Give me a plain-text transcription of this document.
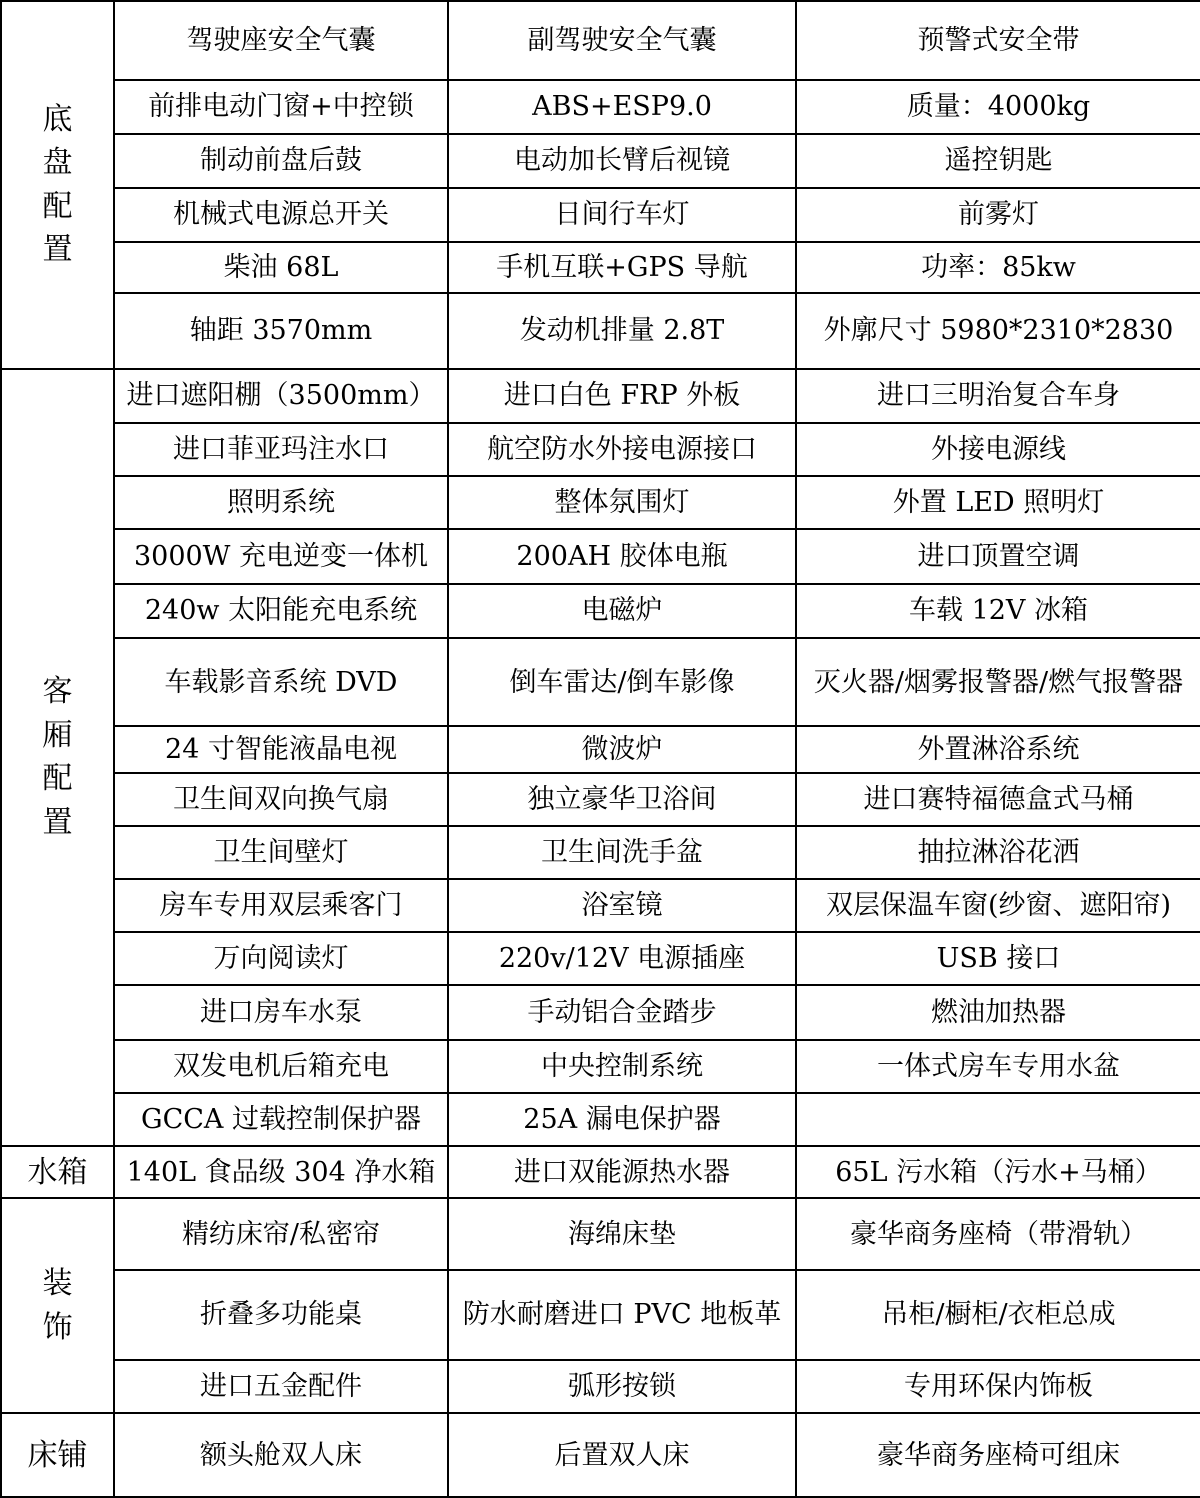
底盘配置	驾驶座安全气囊	副驾驶安全气囊	预警式安全带
	前排电动门窗+中控锁	ABS+ESP9.0	质量：4000kg
	制动前盘后鼓	电动加长臂后视镜	遥控钥匙
	机械式电源总开关	日间行车灯	前雾灯
	柴油 68L	手机互联+GPS 导航	功率：85kw
	轴距 3570mm	发动机排量 2.8T	外廓尺寸 5980*2310*2830
客厢配置	进口遮阳棚（3500mm）	进口白色 FRP 外板	进口三明治复合车身
	进口菲亚玛注水口	航空防水外接电源接口	外接电源线
	照明系统	整体氛围灯	外置 LED 照明灯
	3000W 充电逆变一体机	200AH 胶体电瓶	进口顶置空调
	240w 太阳能充电系统	电磁炉	车载 12V 冰箱
	车载影音系统 DVD	倒车雷达/倒车影像	灭火器/烟雾报警器/燃气报警器
	24 寸智能液晶电视	微波炉	外置淋浴系统
	卫生间双向换气扇	独立豪华卫浴间	进口赛特福德盒式马桶
	卫生间壁灯	卫生间洗手盆	抽拉淋浴花洒
	房车专用双层乘客门	浴室镜	双层保温车窗(纱窗、遮阳帘)
	万向阅读灯	220v/12V 电源插座	USB 接口
	进口房车水泵	手动铝合金踏步	燃油加热器
	双发电机后箱充电	中央控制系统	一体式房车专用水盆
	GCCA 过载控制保护器	25A 漏电保护器	
水箱	140L 食品级 304 净水箱	进口双能源热水器	65L 污水箱（污水+马桶）
装饰	精纺床帘/私密帘	海绵床垫	豪华商务座椅（带滑轨）
	折叠多功能桌	防水耐磨进口 PVC 地板革	吊柜/橱柜/衣柜总成
	进口五金配件	弧形按锁	专用环保内饰板
床铺	额头舱双人床	后置双人床	豪华商务座椅可组床
